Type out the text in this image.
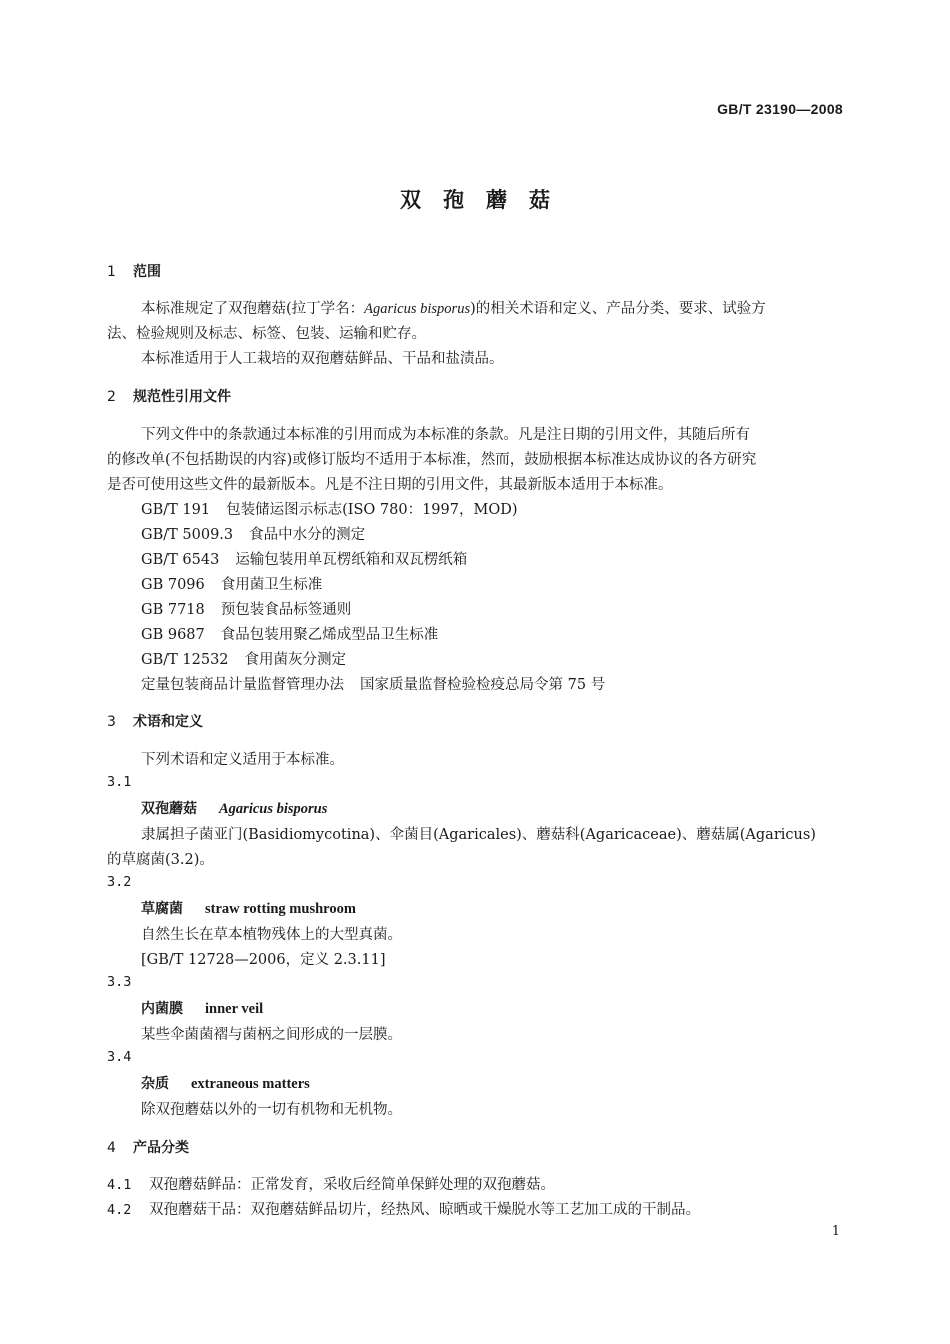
GB/T 23190—2008
双孢蘑菇
1 范围
本标准规定了双孢蘑菇(拉丁学名：Agaricus bisporus)的相关术语和定义、产品分类、要求、试验方
法、检验规则及标志、标签、包装、运输和贮存。
本标准适用于人工栽培的双孢蘑菇鲜品、干品和盐渍品。
2 规范性引用文件
下列文件中的条款通过本标准的引用而成为本标准的条款。凡是注日期的引用文件，其随后所有
的修改单(不包括勘误的内容)或修订版均不适用于本标准，然而，鼓励根据本标准达成协议的各方研究
是否可使用这些文件的最新版本。凡是不注日期的引用文件，其最新版本适用于本标准。
GB/T 191 包装储运图示标志(ISO 780：1997，MOD)
GB/T 5009.3 食品中水分的测定
GB/T 6543 运输包装用单瓦楞纸箱和双瓦楞纸箱
GB 7096 食用菌卫生标准
GB 7718 预包装食品标签通则
GB 9687 食品包装用聚乙烯成型品卫生标准
GB/T 12532 食用菌灰分测定
定量包装商品计量监督管理办法 国家质量监督检验检疫总局令第 75 号
3 术语和定义
下列术语和定义适用于本标准。
3.1
双孢蘑菇 Agaricus bisporus
隶属担子菌亚门(Basidiomycotina)、伞菌目(Agaricales)、蘑菇科(Agaricaceae)、蘑菇属(Agaricus)
的草腐菌(3.2)。
3.2
草腐菌 straw rotting mushroom
自然生长在草本植物残体上的大型真菌。
[GB/T 12728—2006，定义 2.3.11]
3.3
内菌膜 inner veil
某些伞菌菌褶与菌柄之间形成的一层膜。
3.4
杂质 extraneous matters
除双孢蘑菇以外的一切有机物和无机物。
4 产品分类
4.1 双孢蘑菇鲜品：正常发育，采收后经简单保鲜处理的双孢蘑菇。
4.2 双孢蘑菇干品：双孢蘑菇鲜品切片，经热风、晾晒或干燥脱水等工艺加工成的干制品。
1
